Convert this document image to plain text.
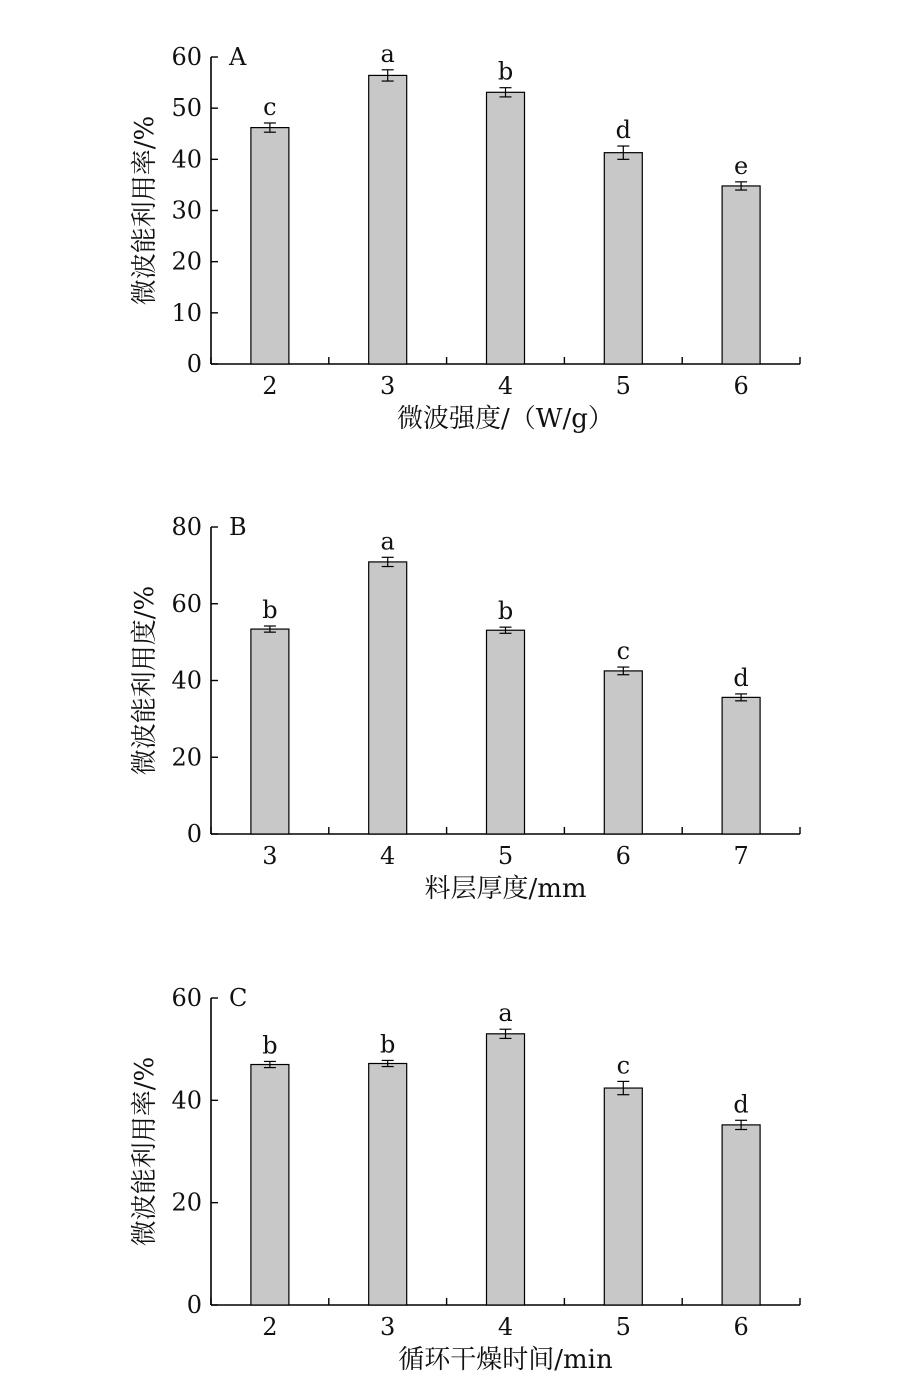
0
10
20
30
40
50
60
c
2
a
3
b
4
d
5
e
6
A
微波强度/（W/g）
微波能利用率/%
0
20
40
60
80
b
3
a
4
b
5
c
6
d
7
B
料层厚度/mm
微波能利用度/%
0
20
40
60
b
2
b
3
a
4
c
5
d
6
C
循环干燥时间/min
微波能利用率/%
